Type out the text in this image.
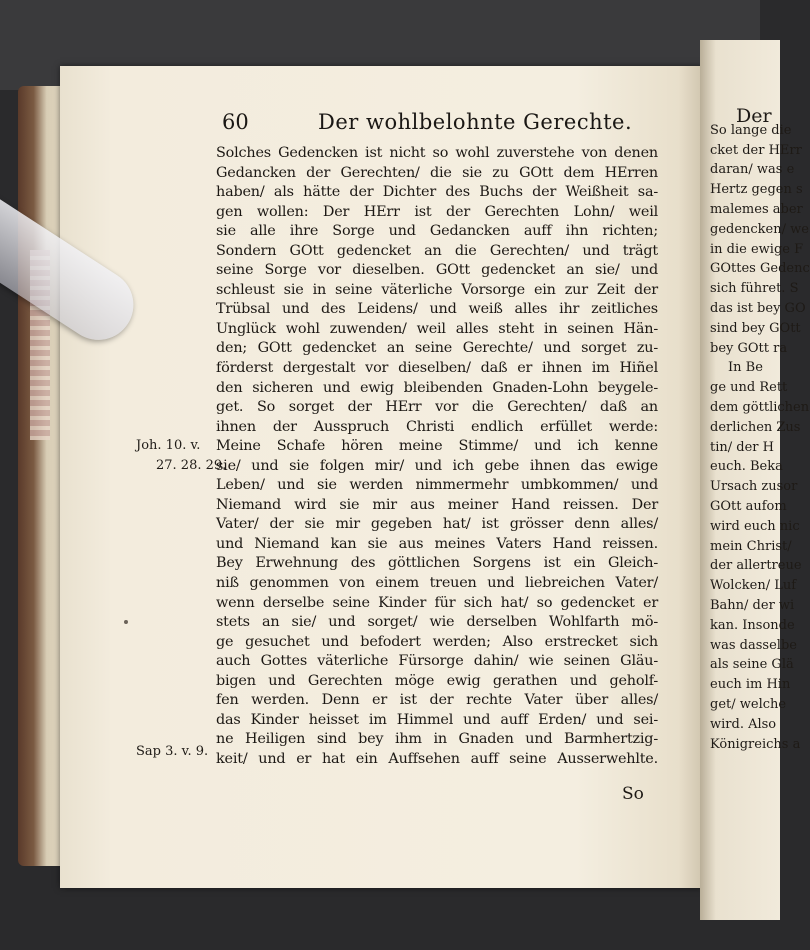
Der
So lange die
cket der HErr
daran/ was e
Hertz gegen s
malemes aber
gedencken/ we
in die ewige F
GOttes Gedenc
sich führet. S
das ist bey GO
sind bey GOtt
bey GOtt ra
In Be
ge und Rett
dem göttlichen
derlichen Zus
tin/ der H
euch. Beka
Ursach zusor
GOtt aufom
wird euch nic
mein Christ/
der allertreue
Wolcken/ Luf
Bahn/ der wi
kan. Insonde
was dasselbe
als seine Glä
euch im Hin
get/ welche
wird. Also
Königreichs a
60	Der wohlbelohnte Gerechte.
Solches Gedencken ist nicht so wohl zuverstehe von denen
Gedancken der Gerechten/ die sie zu GOtt dem HErren
haben/ als hätte der Dichter des Buchs der Weißheit sa-
gen wollen: Der HErr ist der Gerechten Lohn/ weil
sie alle ihre Sorge und Gedancken auff ihn richten;
Sondern GOtt gedencket an die Gerechten/ und trägt
seine Sorge vor dieselben. GOtt gedencket an sie/ und
schleust sie in seine väterliche Vorsorge ein zur Zeit der
Trübsal und des Leidens/ und weiß alles ihr zeitliches
Unglück wohl zuwenden/ weil alles steht in seinen Hän-
den; GOtt gedencket an seine Gerechte/ und sorget zu-
förderst dergestalt vor dieselben/ daß er ihnen im Hiñel
den sicheren und ewig bleibenden Gnaden-Lohn beygele-
get. So sorget der HErr vor die Gerechten/ daß an
ihnen der Ausspruch Christi endlich erfüllet werde:
Meine Schafe hören meine Stimme/ und ich kenne
sie/ und sie folgen mir/ und ich gebe ihnen das ewige
Leben/ und sie werden nimmermehr umbkommen/ und
Niemand wird sie mir aus meiner Hand reissen. Der
Vater/ der sie mir gegeben hat/ ist grösser denn alles/
und Niemand kan sie aus meines Vaters Hand reissen.
Bey Erwehnung des göttlichen Sorgens ist ein Gleich-
niß genommen von einem treuen und liebreichen Vater/
wenn derselbe seine Kinder für sich hat/ so gedencket er
stets an sie/ und sorget/ wie derselben Wohlfarth mö-
ge gesuchet und befodert werden; Also erstrecket sich
auch Gottes väterliche Fürsorge dahin/ wie seinen Gläu-
bigen und Gerechten möge ewig gerathen und geholf-
fen werden. Denn er ist der rechte Vater über alles/
das Kinder heisset im Himmel und auff Erden/ und sei-
ne Heiligen sind bey ihm in Gnaden und Barmhertzig-
keit/ und er hat ein Auffsehen auff seine Ausserwehlte.
Joh. 10. v.
27. 28. 29.
Sap 3. v. 9.
So
